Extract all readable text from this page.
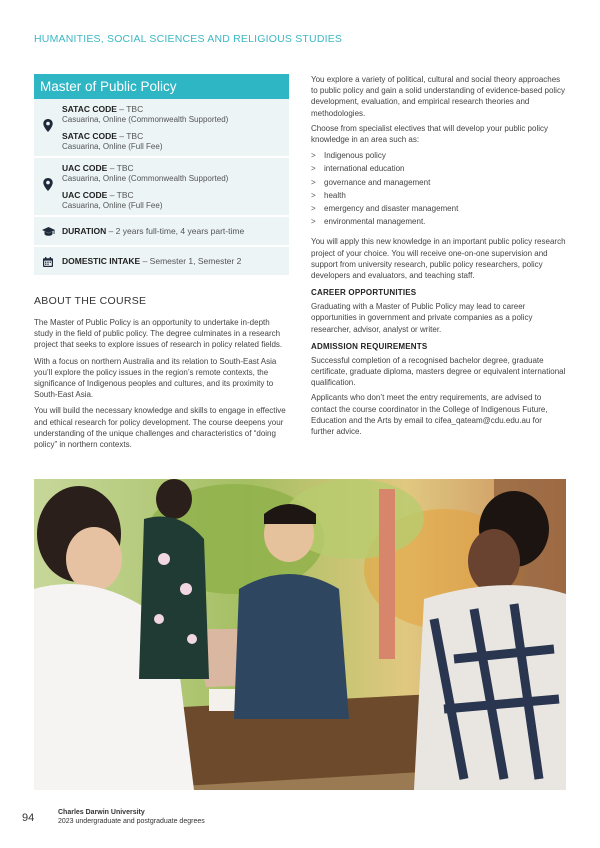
HUMANITIES, SOCIAL SCIENCES AND RELIGIOUS STUDIES
Master of Public Policy
SATAC CODE – TBC
Casuarina, Online (Commonwealth Supported)
SATAC CODE – TBC
Casuarina, Online (Full Fee)
UAC CODE – TBC
Casuarina, Online (Commonwealth Supported)
UAC CODE – TBC
Casuarina, Online (Full Fee)
DURATION – 2 years full-time, 4 years part-time
DOMESTIC INTAKE – Semester 1, Semester 2
ABOUT THE COURSE

The Master of Public Policy is an opportunity to undertake in-depth study in the field of public policy. The degree culminates in a research project that seeks to explore issues of research in policy related fields.

With a focus on northern Australia and its relation to South-East Asia you’ll explore the policy issues in the region’s remote contexts, the significance of Indigenous peoples and cultures, and its proximity to South-East Asia.

You will build the necessary knowledge and skills to engage in effective and ethical research for policy development. The course deepens your understanding of the unique challenges and characteristics of “doing policy” in northern contexts.

You explore a variety of political, cultural and social theory approaches to public policy and gain a solid understanding of evidence-based policy development, evaluation, and empirical research theories and methodologies.

Choose from specialist electives that will develop your public policy knowledge in an area such as:

> Indigenous policy
> international education
> governance and management
> health
> emergency and disaster management
> environmental management.

You will apply this new knowledge in an important public policy research project of your choice. You will receive one-on-one supervision and support from university research, public policy researchers, policy developers and evaluators, and teaching staff.

CAREER OPPORTUNITIES

Graduating with a Master of Public Policy may lead to career opportunities in government and private companies as a policy researcher, advisor, analyst or writer.

ADMISSION REQUIREMENTS

Successful completion of a recognised bachelor degree, graduate certificate, graduate diploma, masters degree or equivalent international qualification.

Applicants who don’t meet the entry requirements, are advised to contact the course coordinator in the College of Indigenous Future, Education and the Arts by email to cifea_qateam@cdu.edu.au for further advice.

94	Charles Darwin University
2023 undergraduate and postgraduate degrees
